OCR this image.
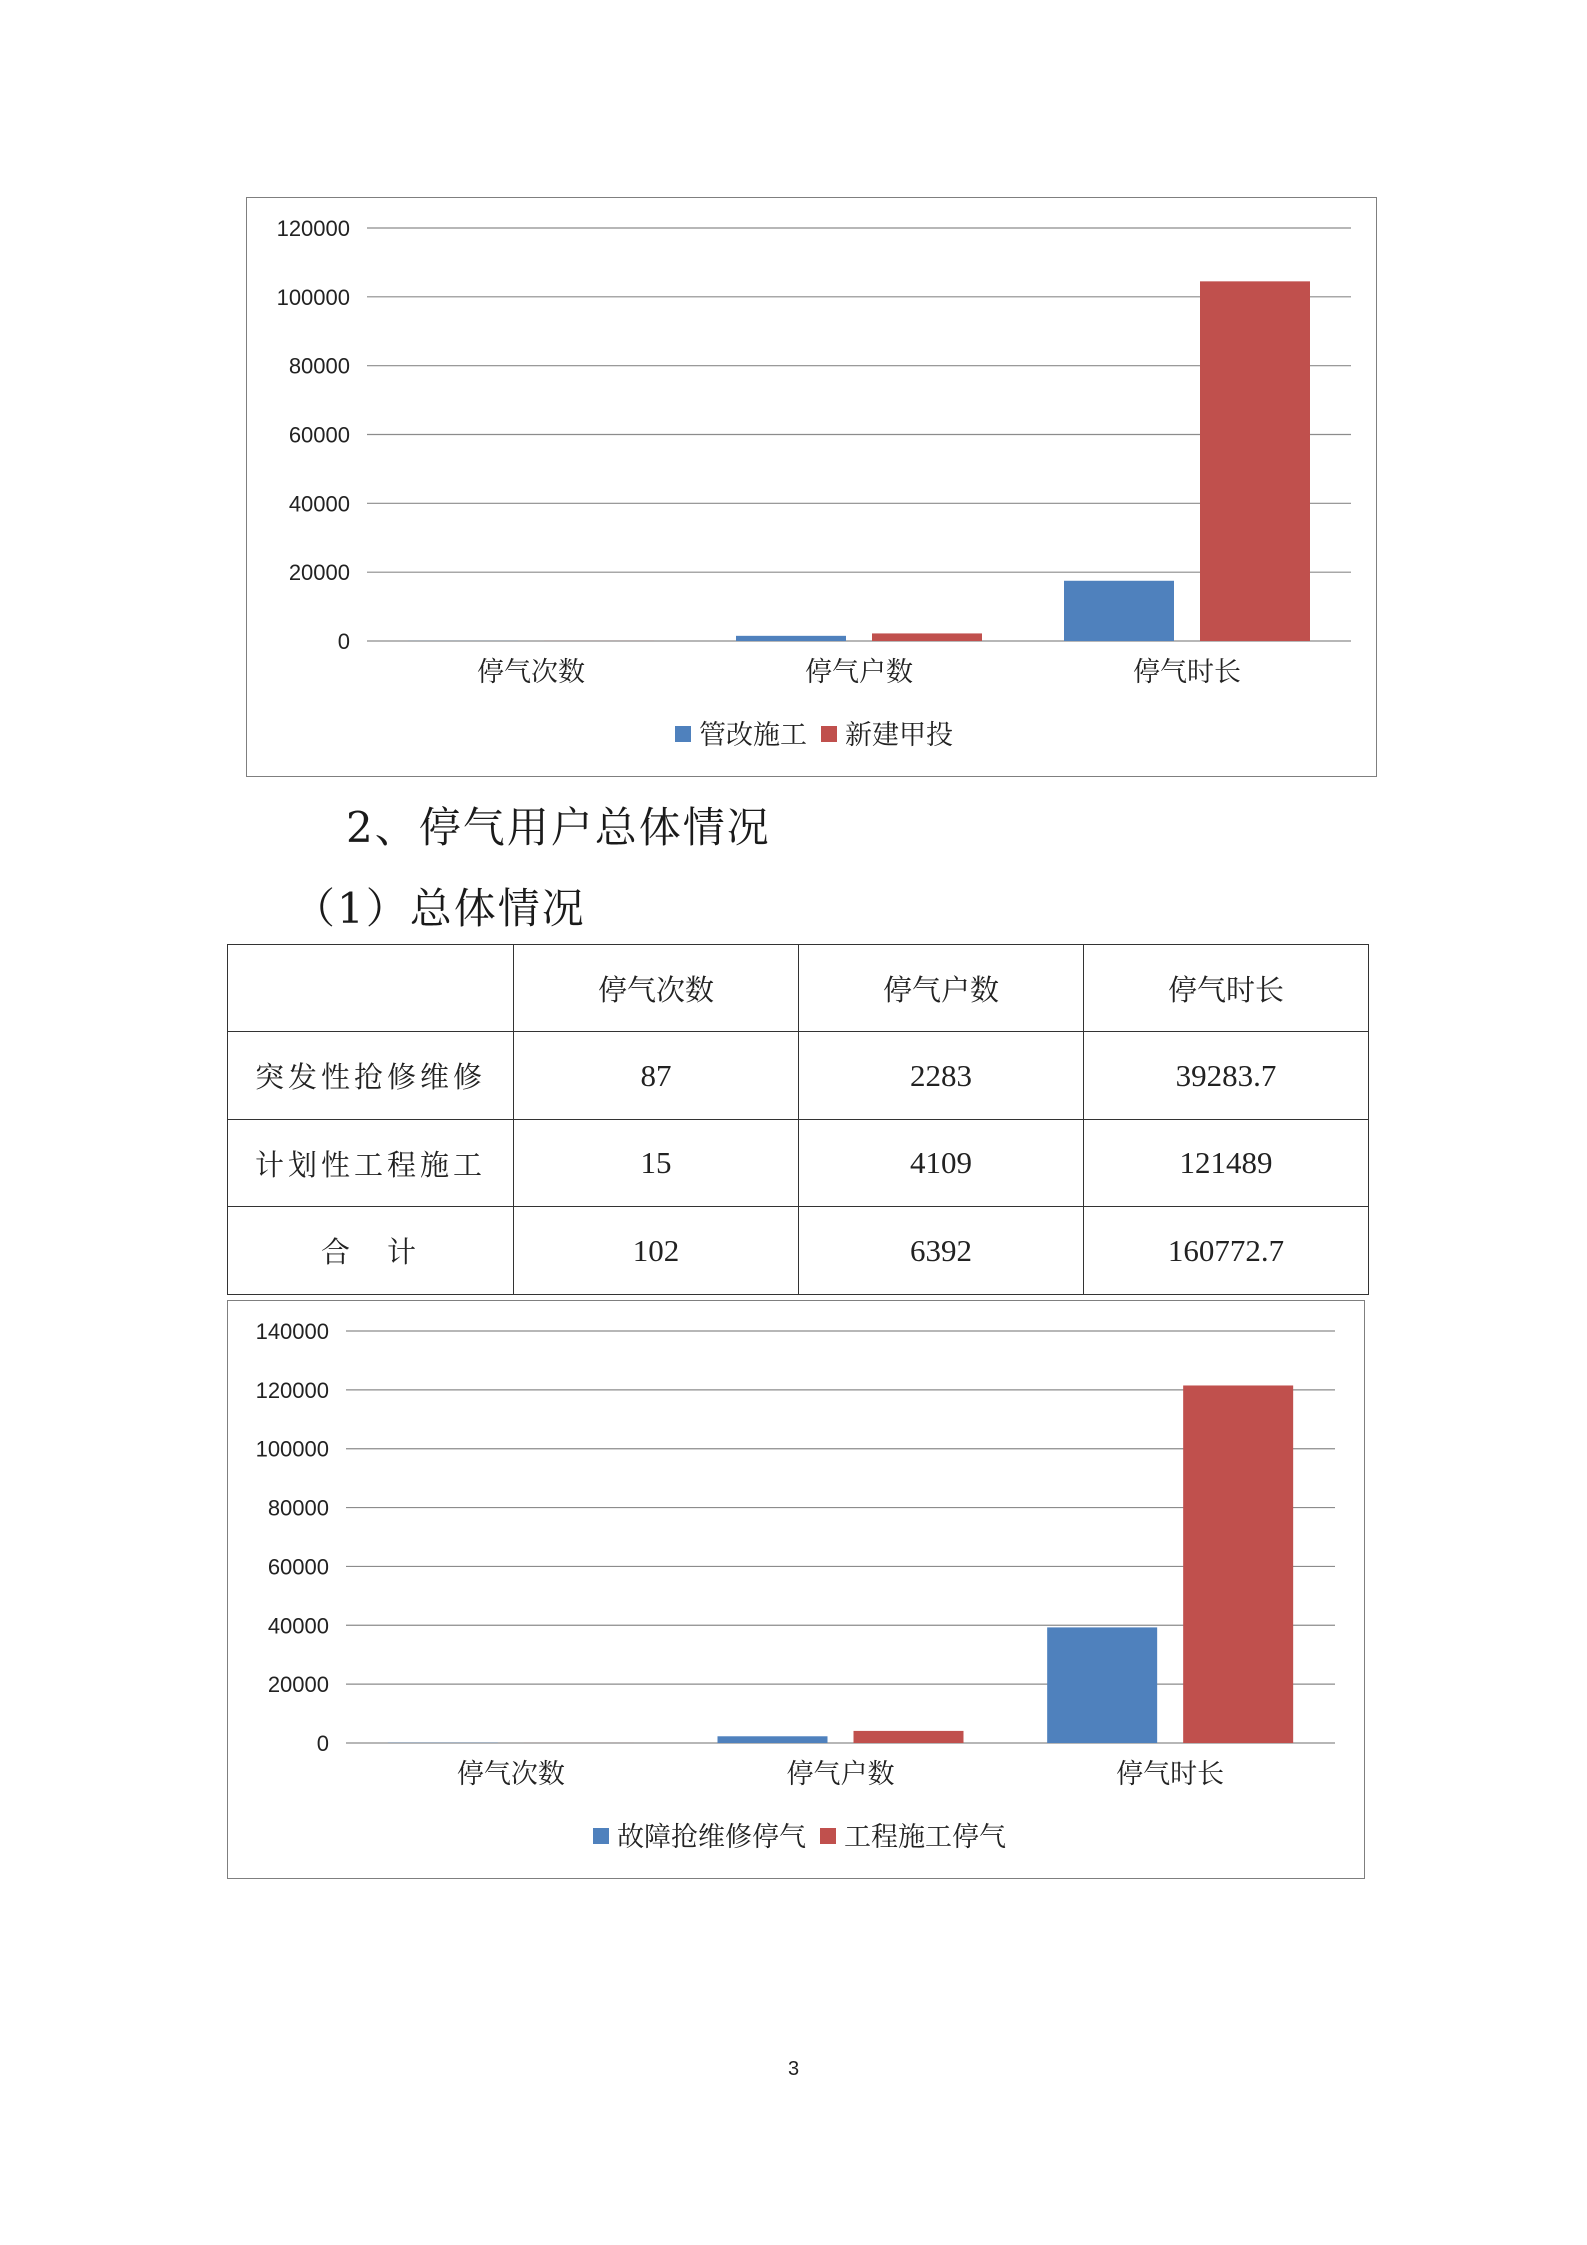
0
20000
40000
60000
80000
100000
120000
停气次数	停气户数	停气时长
管改施工 新建甲投
2、停气用户总体情况
（1）总体情况
	停气次数	停气户数	停气时长
突发性抢修维修	87	2283	39283.7
计划性工程施工	15	4109	121489
合　计	102	6392	160772.7
0
20000
40000
60000
80000
100000
120000
140000
停气次数	停气户数	停气时长
故障抢维修停气 工程施工停气
3
